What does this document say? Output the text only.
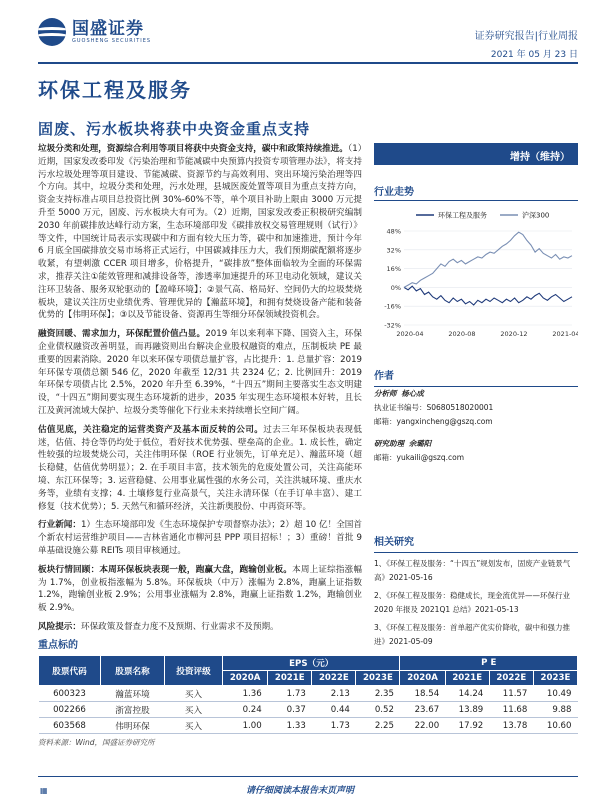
国盛证券
GUOSHENG SECURITIES	证券研究报告|行业周报
2021 年 05 月 23 日
环保工程及服务
固废、污水板块将获中央资金重点支持

垃圾分类和处理，资源综合利用等项目将获中央资金支持，碳中和政策持续推进。（1）近期，国家发改委印发《污染治理和节能减碳中央预算内投资专项管理办法》，将支持污水垃圾处理等项目建设、节能减碳、资源节约与高效利用、突出环境污染治理等四个方向。其中，垃圾分类和处理，污水处理，县城医废处置等项目为重点支持方向，资金支持标准占项目总投资比例 30%-60%不等，单个项目补助上限由 3000 万元提升至 5000 万元，固废、污水板块大有可为。（2）近期，国家发改委正积极研究编制 2030 年前碳排放达峰行动方案，生态环境部印发《碳排放权交易管理规则（试行）》等文件，中国统计局表示实现碳中和方面有较大压力等，碳中和加速推进，预计今年 6 月底全国碳排放交易市场将正式运行，中国碳减排压力大，我们预期碳配额将逐步收紧，有望刺激 CCER 项目增多，价格提升，“碳排放”整体面临较为全面的环保需求，推荐关注①能效管理和减排设备等，渗透率加速提升的环卫电动化领域，建议关注环卫装备、服务双轮驱动的【盈峰环境】；②景气高、格局好、空间仍大的垃圾焚烧板块，建议关注历史业绩优秀、管理优异的【瀚蓝环境】，和拥有焚烧设备产能和装备优势的【伟明环保】；③以及节能设备、资源再生等细分环保领域投资机会。

融资回暖、需求加力，环保配置价值凸显。2019 年以来利率下降、国资入主，环保企业债权融资改善明显，而再融资则出台解决企业股权融资的难点，压制板块 PE 最重要的因素消除。2020 年以来环保专项债总量扩容，占比提升：1. 总量扩容：2019 年环保专项债总额 546 亿，2020 年截至 12/31 共 2324 亿；2. 比例回升：2019 年环保专项债占比 2.5%，2020 年升至 6.39%，“十四五”期间主要落实生态文明建设，“十四五”期间要实现生态环境新的进步，2035 年实现生态环境根本好转，且长江及黄河流域大保护、垃圾分类等催化下行业未来持续增长空间广阔。

估值见底，关注稳定的运营类资产及基本面反转的公司。过去三年环保板块表现低迷，估值、持仓等仍均处于低位，看好技术优势强、壁垒高的企业。1. 成长性，确定性较强的垃圾焚烧公司，关注伟明环保（ROE 行业领先，订单充足）、瀚蓝环境（超长稳健，估值优势明显）；2. 在手项目丰富，技术领先的危废处置公司，关注高能环境、东江环保等；3. 运营稳健、公用事业属性强的水务公司，关注洪城环境、重庆水务等，业绩有支撑；4. 土壤修复行业高景气，关注永清环保（在手订单丰富）、建工修复（技术优势）；5. 天然气和循环经济，关注新奥股份、中再资环等。

行业新闻：1）生态环境部印发《生态环境保护专项督察办法》；2）超 10 亿！全国首个新农村运营维护项目——吉林省通化市柳河县 PPP 项目招标！；3）重磅！首批 9 单基础设施公募 REITs 项目审核通过。

板块行情回顾：本周环保板块表现一般，跑赢大盘，跑输创业板。本周上证综指涨幅为 1.7%，创业板指涨幅为 5.8%。环保板块（中万）涨幅为 2.8%，跑赢上证指数 1.2%，跑输创业板 2.9%；公用事业涨幅为 2.8%，跑赢上证指数 1.2%，跑输创业板 2.9%。

风险提示：环保政策及督查力度不及预期、行业需求不及预期。

增持（维持）
行业走势
-32%
-16%
0%
16%
32%
48%
2020-04	2020-08	2020-12	2021-04
环保工程及服务	沪深300
作者
分析师 杨心成
执业证书编号：S0680518020001
邮箱：yangxincheng@gszq.com
研究助理 余璐阳
邮箱：yukaili@gszq.com
相关研究
1、《环保工程及服务：“十四五”规划发布，固废产业链景气高》2021-05-16
2、《环保工程及服务：稳健成长，现金流优异——环保行业 2020 年报及 2021Q1 总结》2021-05-13
3、《环保工程及服务：首单超产优实价降收，碳中和强力推进》2021-05-09
重点标的
股票代码	股票名称	投资评级	EPS（元）				P E			
			2020A	2021E	2022E	2023E	2020A	2021E	2022E	2023E
600323	瀚蓝环境	买入	1.36	1.73	2.13	2.35	18.54	14.24	11.57	10.49
002266	浙富控股	买入	0.24	0.37	0.44	0.52	23.67	13.89	11.68	9.88
603568	伟明环保	买入	1.00	1.33	1.73	2.25	22.00	17.92	13.78	10.60
资料来源：Wind，国盛证券研究所
▦	请仔细阅读本报告末页声明
